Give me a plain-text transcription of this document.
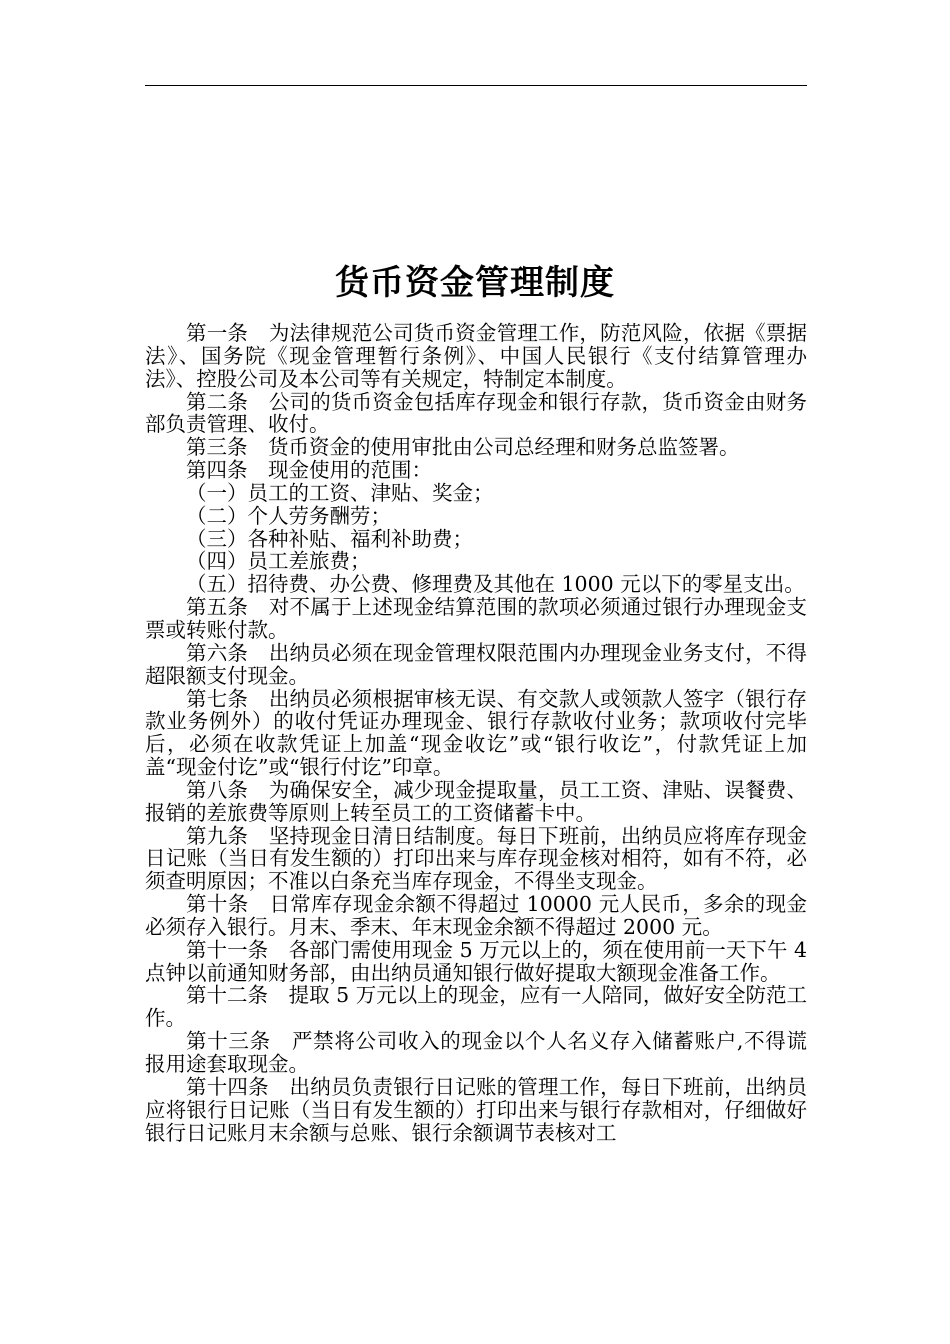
货币资金管理制度

第一条　为法律规范公司货币资金管理工作，防范风险，依据《票据法》、国务院《现金管理暂行条例》、中国人民银行《支付结算管理办法》、控股公司及本公司等有关规定，特制定本制度。

第二条　公司的货币资金包括库存现金和银行存款，货币资金由财务部负责管理、收付。

第三条　货币资金的使用审批由公司总经理和财务总监签署。

第四条　现金使用的范围：

（一）员工的工资、津贴、奖金；

（二）个人劳务酬劳；

（三）各种补贴、福利补助费；

（四）员工差旅费；

（五）招待费、办公费、修理费及其他在 1000 元以下的零星支出。

第五条　对不属于上述现金结算范围的款项必须通过银行办理现金支票或转账付款。

第六条　出纳员必须在现金管理权限范围内办理现金业务支付，不得超限额支付现金。

第七条　出纳员必须根据审核无误、有交款人或领款人签字（银行存款业务例外）的收付凭证办理现金、银行存款收付业务；款项收付完毕后，必须在收款凭证上加盖“现金收讫”或“银行收讫”，付款凭证上加盖“现金付讫”或“银行付讫”印章。

第八条　为确保安全，减少现金提取量，员工工资、津贴、误餐费、报销的差旅费等原则上转至员工的工资储蓄卡中。

第九条　坚持现金日清日结制度。每日下班前，出纳员应将库存现金日记账（当日有发生额的）打印出来与库存现金核对相符，如有不符，必须查明原因；不准以白条充当库存现金，不得坐支现金。

第十条　日常库存现金余额不得超过 10000 元人民币，多余的现金必须存入银行。月末、季末、年末现金余额不得超过 2000 元。

第十一条　各部门需使用现金 5 万元以上的，须在使用前一天下午 4 点钟以前通知财务部，由出纳员通知银行做好提取大额现金准备工作。

第十二条　提取 5 万元以上的现金，应有一人陪同，做好安全防范工作。

第十三条　严禁将公司收入的现金以个人名义存入储蓄账户,不得谎报用途套取现金。

第十四条　出纳员负责银行日记账的管理工作，每日下班前，出纳员应将银行日记账（当日有发生额的）打印出来与银行存款相对，仔细做好银行日记账月末余额与总账、银行余额调节表核对工
